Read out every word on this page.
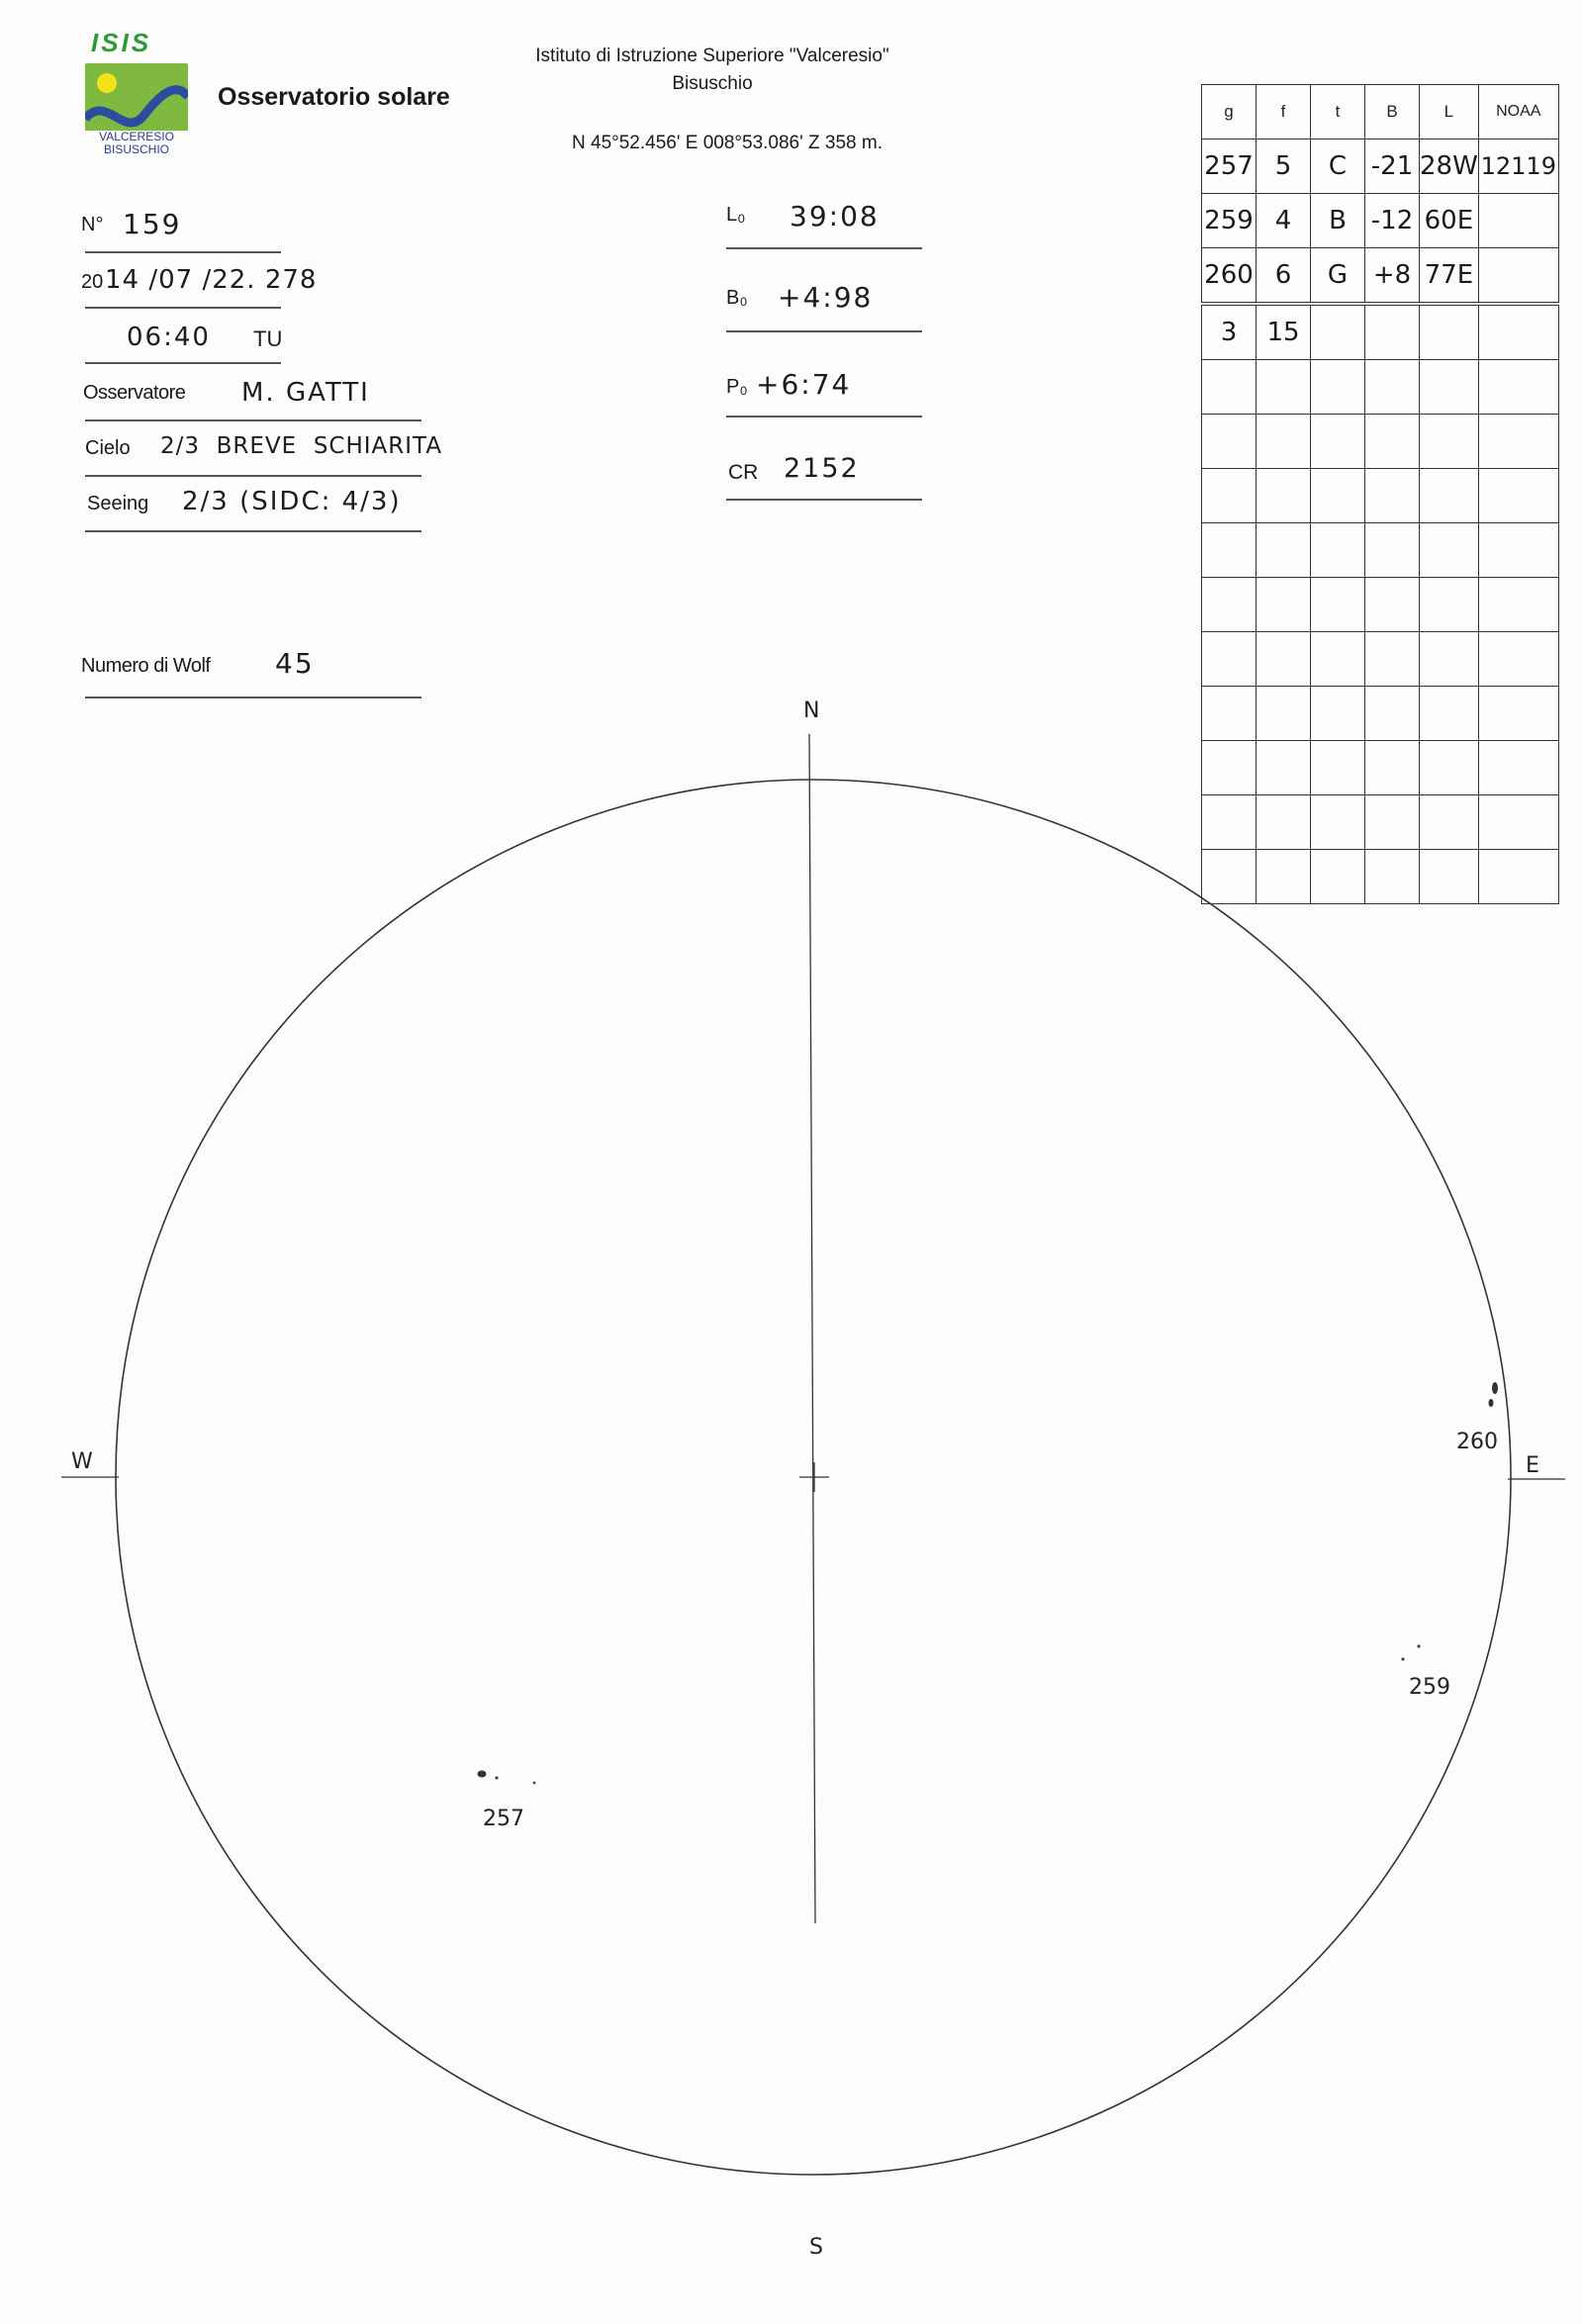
ISIS
VALCERESIO
BISUSCHIO
Osservatorio solare
Istituto di Istruzione Superiore "Valceresio"
Bisuschio
N 45°52.456' E 008°53.086' Z 358 m.
N° 159
20 14 /07 /22. 278
06:40 TU
Osservatore M. GATTI
Cielo 2/3  BREVE  SCHIARITA
Seeing 2/3 (SIDC: 4/3)
Numero di Wolf 45
L₀ 39:08
B₀ +4:98
P₀ +6:74
CR 2152
g	f	t	B	L	NOAA
257	5	C	-21	28W	12119
259	4	B	-12	60E	
260	6	G	+8	77E	
3	15				

N
S
W	E
257
259
260
